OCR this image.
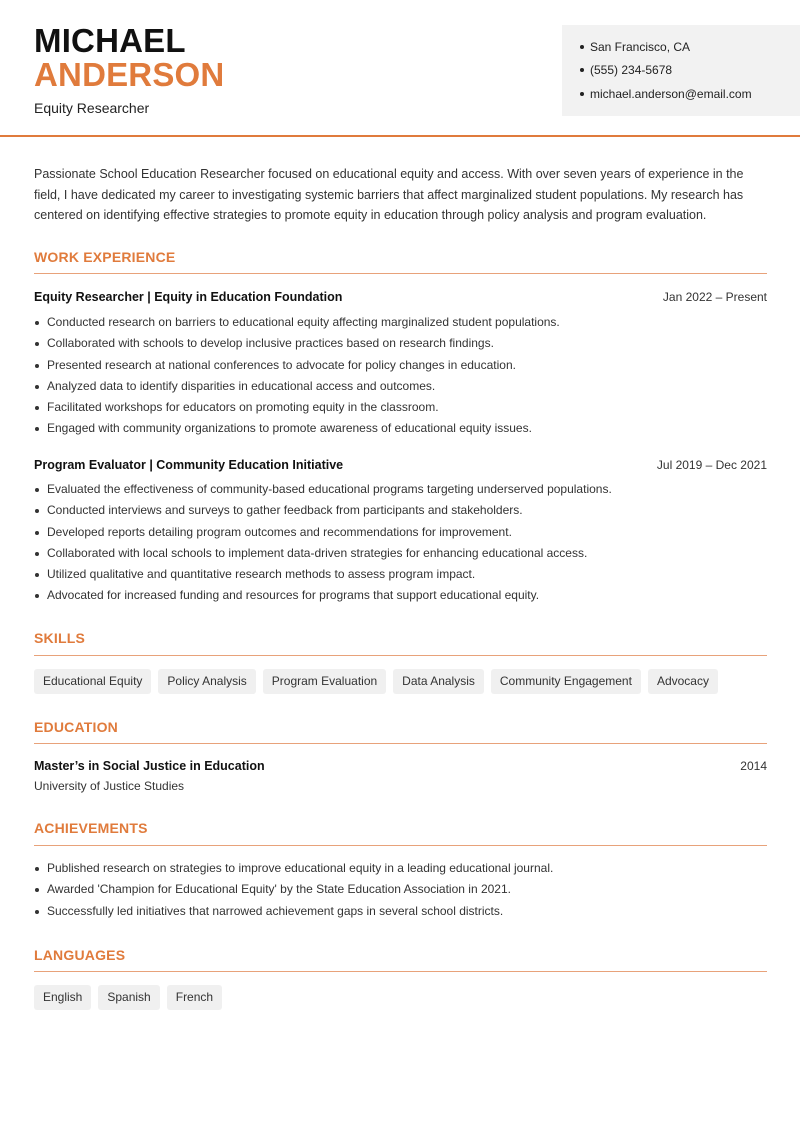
MICHAEL
ANDERSON
Equity Researcher
San Francisco, CA
(555) 234-5678
michael.anderson@email.com
Passionate School Education Researcher focused on educational equity and access. With over seven years of experience in the field, I have dedicated my career to investigating systemic barriers that affect marginalized student populations. My research has centered on identifying effective strategies to promote equity in education through policy analysis and program evaluation.
WORK EXPERIENCE
Equity Researcher | Equity in Education Foundation	Jan 2022 – Present
Conducted research on barriers to educational equity affecting marginalized student populations.
Collaborated with schools to develop inclusive practices based on research findings.
Presented research at national conferences to advocate for policy changes in education.
Analyzed data to identify disparities in educational access and outcomes.
Facilitated workshops for educators on promoting equity in the classroom.
Engaged with community organizations to promote awareness of educational equity issues.
Program Evaluator | Community Education Initiative	Jul 2019 – Dec 2021
Evaluated the effectiveness of community-based educational programs targeting underserved populations.
Conducted interviews and surveys to gather feedback from participants and stakeholders.
Developed reports detailing program outcomes and recommendations for improvement.
Collaborated with local schools to implement data-driven strategies for enhancing educational access.
Utilized qualitative and quantitative research methods to assess program impact.
Advocated for increased funding and resources for programs that support educational equity.
SKILLS
Educational Equity	Policy Analysis	Program Evaluation	Data Analysis	Community Engagement	Advocacy
EDUCATION
Master’s in Social Justice in Education	2014
University of Justice Studies
ACHIEVEMENTS
Published research on strategies to improve educational equity in a leading educational journal.
Awarded 'Champion for Educational Equity' by the State Education Association in 2021.
Successfully led initiatives that narrowed achievement gaps in several school districts.
LANGUAGES
English	Spanish	French
